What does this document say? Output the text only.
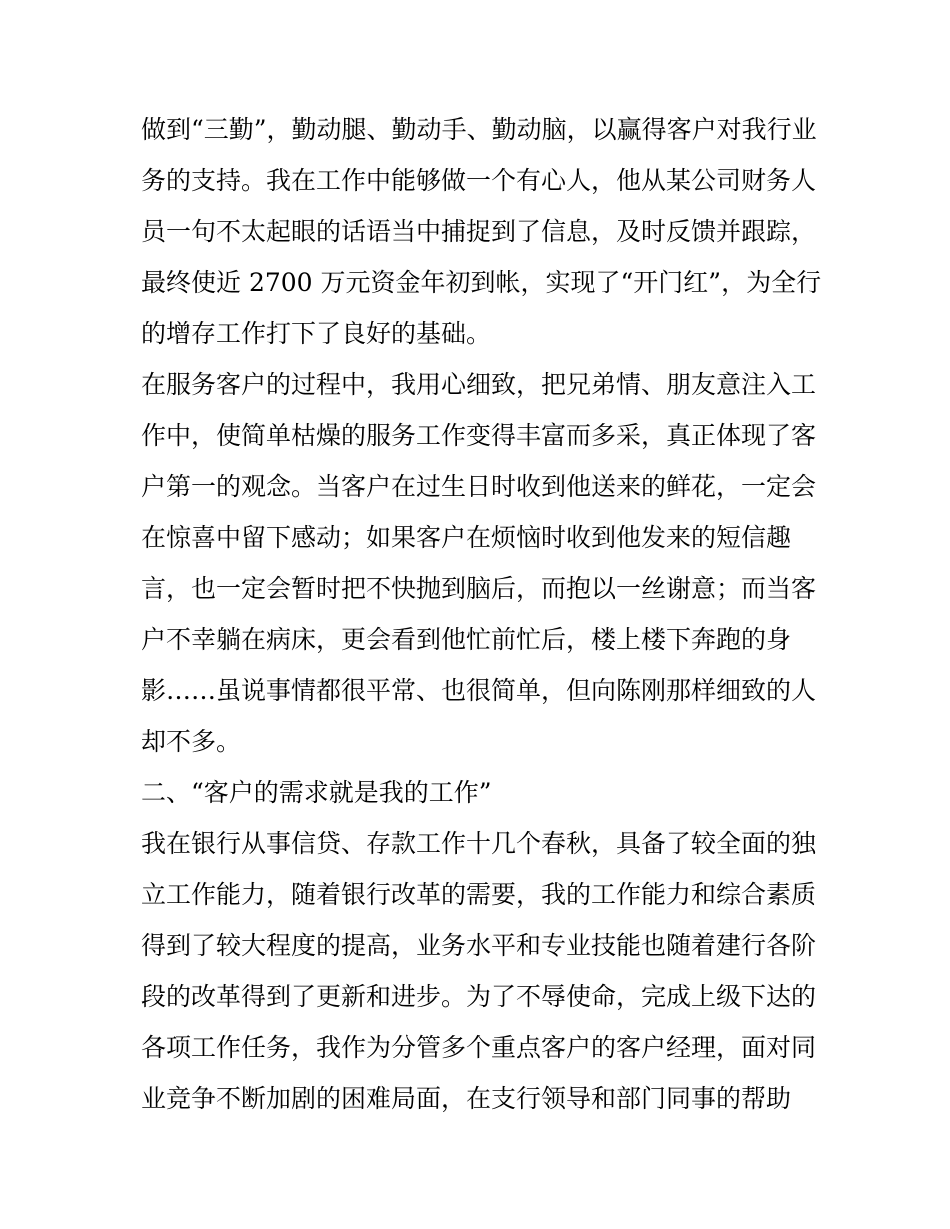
做到“三勤”，勤动腿、勤动手、勤动脑，以赢得客户对我行业
务的支持。我在工作中能够做一个有心人，他从某公司财务人
员一句不太起眼的话语当中捕捉到了信息，及时反馈并跟踪，
最终使近 2700 万元资金年初到帐，实现了“开门红”，为全行
的增存工作打下了良好的基础。
在服务客户的过程中，我用心细致，把兄弟情、朋友意注入工
作中，使简单枯燥的服务工作变得丰富而多采，真正体现了客
户第一的观念。当客户在过生日时收到他送来的鲜花，一定会
在惊喜中留下感动；如果客户在烦恼时收到他发来的短信趣
言，也一定会暂时把不快抛到脑后，而抱以一丝谢意；而当客
户不幸躺在病床，更会看到他忙前忙后，楼上楼下奔跑的身
影……虽说事情都很平常、也很简单，但向陈刚那样细致的人
却不多。
二、“客户的需求就是我的工作”
我在银行从事信贷、存款工作十几个春秋，具备了较全面的独
立工作能力，随着银行改革的需要，我的工作能力和综合素质
得到了较大程度的提高，业务水平和专业技能也随着建行各阶
段的改革得到了更新和进步。为了不辱使命，完成上级下达的
各项工作任务，我作为分管多个重点客户的客户经理，面对同
业竞争不断加剧的困难局面，在支行领导和部门同事的帮助
